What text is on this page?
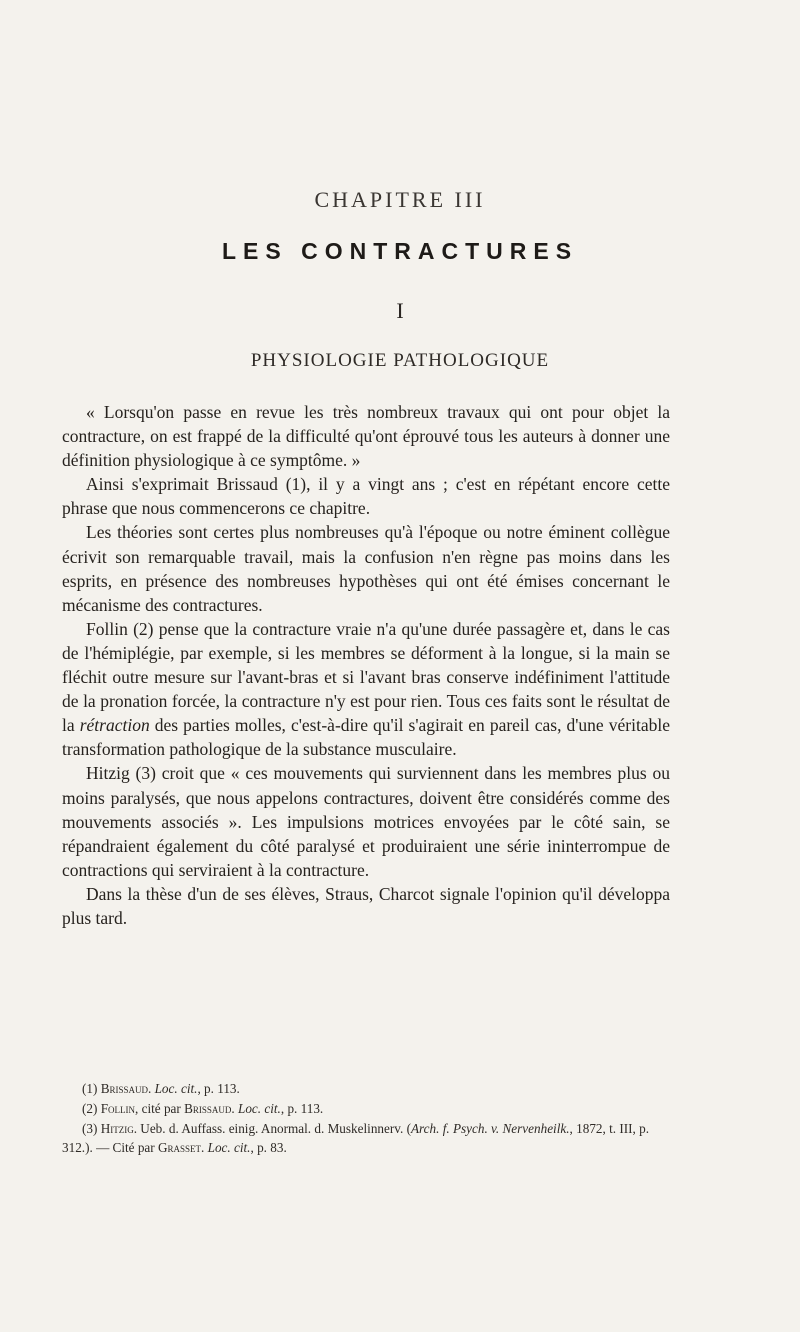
CHAPITRE III
LES CONTRACTURES
I
PHYSIOLOGIE PATHOLOGIQUE

« Lorsqu'on passe en revue les très nombreux travaux qui ont pour objet la contracture, on est frappé de la difficulté qu'ont éprouvé tous les auteurs à donner une définition physiologique à ce symptôme. »

Ainsi s'exprimait Brissaud (1), il y a vingt ans ; c'est en répétant encore cette phrase que nous commencerons ce chapitre.

Les théories sont certes plus nombreuses qu'à l'époque ou notre éminent collègue écrivit son remarquable travail, mais la confusion n'en règne pas moins dans les esprits, en présence des nombreuses hypothèses qui ont été émises concernant le mécanisme des contractures.

Follin (2) pense que la contracture vraie n'a qu'une durée passagère et, dans le cas de l'hémiplégie, par exemple, si les membres se déforment à la longue, si la main se fléchit outre mesure sur l'avant-bras et si l'avant bras conserve indéfiniment l'attitude de la pronation forcée, la contracture n'y est pour rien. Tous ces faits sont le résultat de la rétraction des parties molles, c'est-à-dire qu'il s'agirait en pareil cas, d'une véritable transformation pathologique de la substance musculaire.

Hitzig (3) croit que « ces mouvements qui surviennent dans les membres plus ou moins paralysés, que nous appelons contractures, doivent être considérés comme des mouvements associés ». Les impulsions motrices envoyées par le côté sain, se répandraient également du côté paralysé et produiraient une série ininterrompue de contractions qui serviraient à la contracture.

Dans la thèse d'un de ses élèves, Straus, Charcot signale l'opinion qu'il développa plus tard.

(1) Brissaud. Loc. cit., p. 113.

(2) Follin, cité par Brissaud. Loc. cit., p. 113.

(3) Hitzig. Ueb. d. Auffass. einig. Anormal. d. Muskelinnerv. (Arch. f. Psych. v. Nervenheilk., 1872, t. III, p. 312.). — Cité par Grasset. Loc. cit., p. 83.
